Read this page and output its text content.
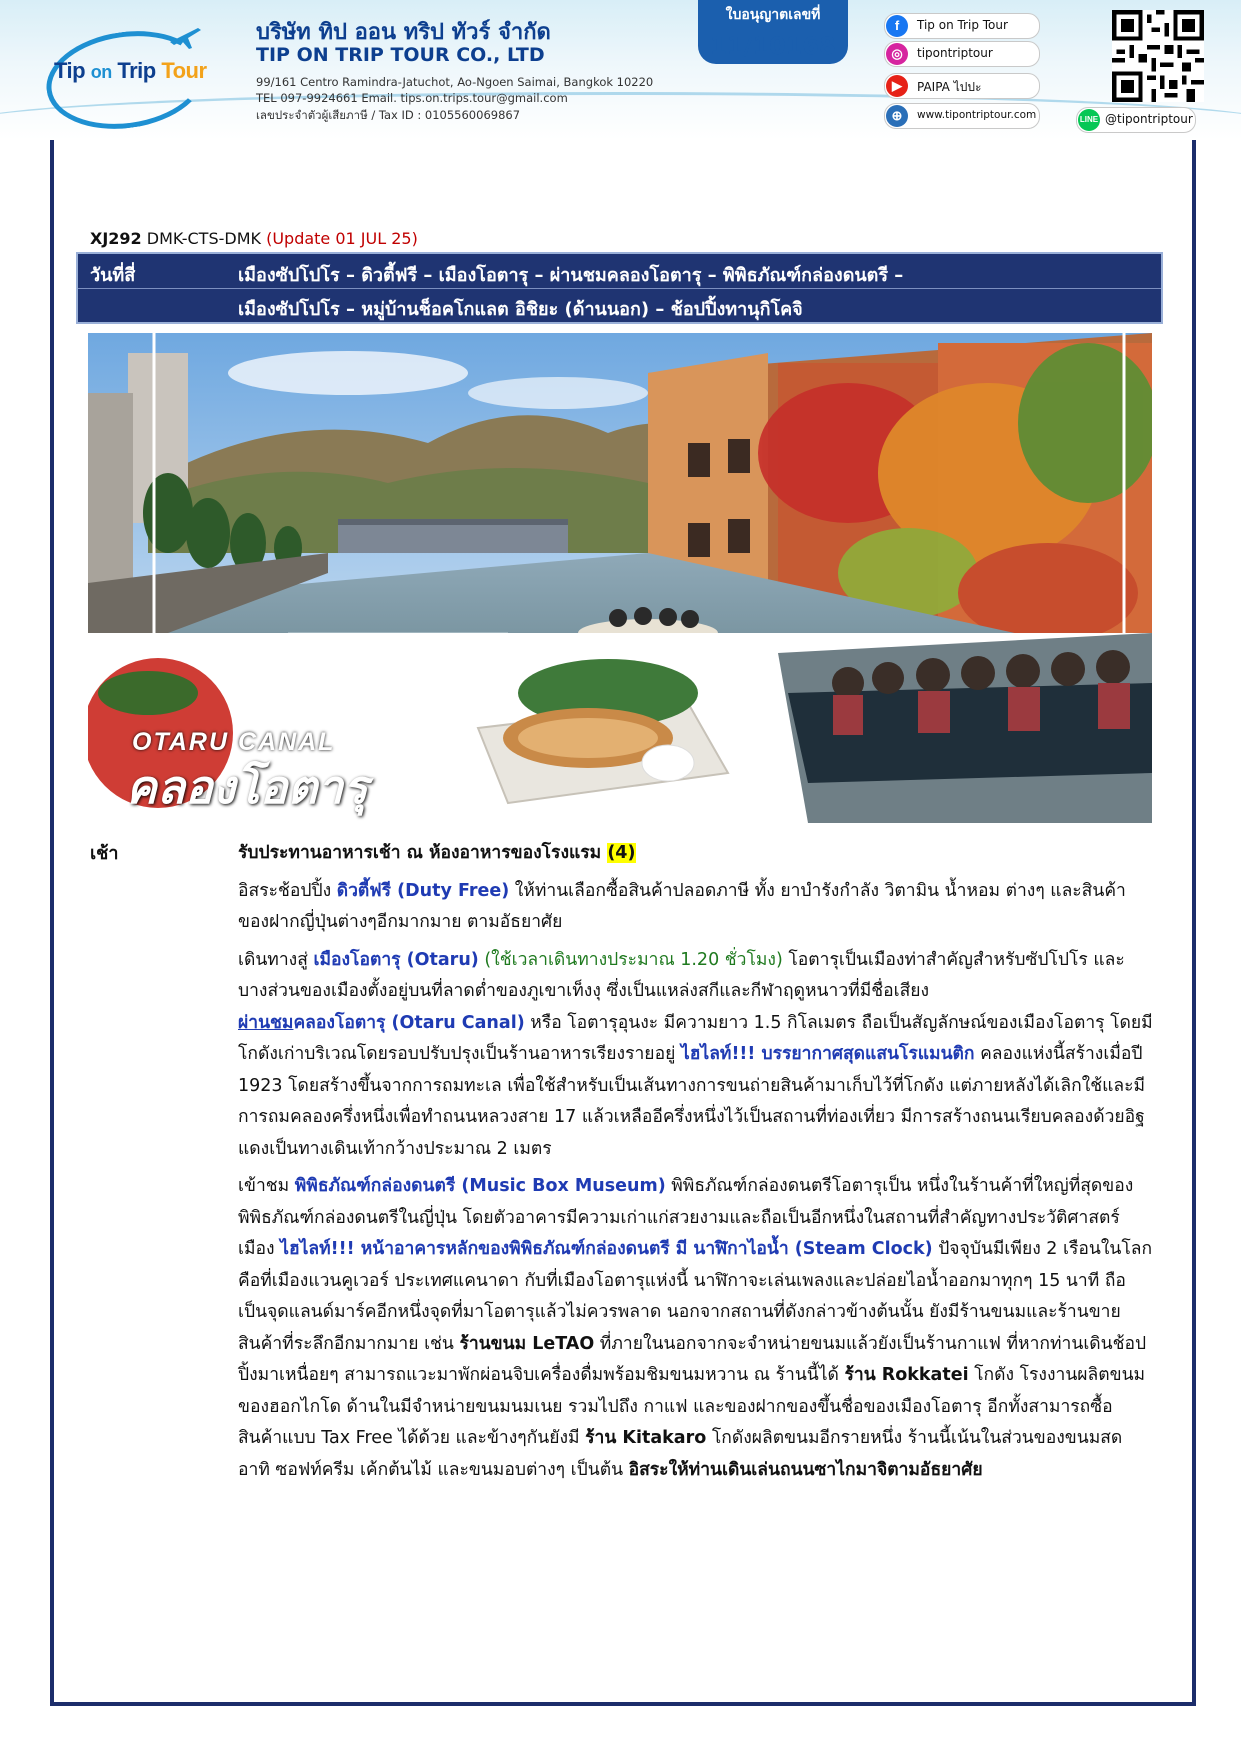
Tip on Trip Tour
บริษัท ทิป ออน ทริป ทัวร์ จำกัด
TIP ON TRIP TOUR CO., LTD
99/161 Centro Ramindra-Jatuchot, Ao-Ngoen Saimai, Bangkok 10220
TEL 097-9924661 Email. tips.on.trips.tour@gmail.com
เลขประจำตัวผู้เสียภาษี / Tax ID : 0105560069867
ใบอนุญาตเลขที่
11/10168
f	Tip on Trip Tour
◎	tipontriptour
▶	PAIPA ไปปะ
⊕	www.tipontriptour.com	LINE @tipontriptour
XJ292 DMK-CTS-DMK (Update 01 JUL 25)
วันที่สี่	เมืองซัปโปโร – ดิวตี้ฟรี – เมืองโอตารุ – ผ่านชมคลองโอตารุ – พิพิธภัณฑ์กล่องดนตรี –
เมืองซัปโปโร – หมู่บ้านช็อคโกแลต อิชิยะ (ด้านนอก) – ช้อปปิ้งทานุกิโคจิ
OTARU CANAL
คลองโอตารุ
เช้า	รับประทานอาหารเช้า ณ ห้องอาหารของโรงแรม (4)

อิสระช้อปปิ้ง ดิวตี้ฟรี (Duty Free) ให้ท่านเลือกซื้อสินค้าปลอดภาษี ทั้ง ยาบำรังกำลัง วิตามิน น้ำหอม ต่างๆ และสินค้าของฝากญี่ปุ่นต่างๆอีกมากมาย ตามอัธยาศัย

เดินทางสู่ เมืองโอตารุ (Otaru) (ใช้เวลาเดินทางประมาณ 1.20 ชั่วโมง) โอตารุเป็นเมืองท่าสำคัญสำหรับซัปโปโร และบางส่วนของเมืองตั้งอยู่บนที่ลาดต่ำของภูเขาเท็งงุ ซึ่งเป็นแหล่งสกีและกีฬาฤดูหนาวที่มีชื่อเสียง

ผ่านชมคลองโอตารุ (Otaru Canal) หรือ โอตารุอุนงะ มีความยาว 1.5 กิโลเมตร ถือเป็นสัญลักษณ์ของเมืองโอตารุ โดยมีโกดังเก่าบริเวณโดยรอบปรับปรุงเป็นร้านอาหารเรียงรายอยู่ ไฮไลท์!!! บรรยากาศสุดแสนโรแมนติก คลองแห่งนี้สร้างเมื่อปี 1923 โดยสร้างขึ้นจากการถมทะเล เพื่อใช้สำหรับเป็นเส้นทางการขนถ่ายสินค้ามาเก็บไว้ที่โกดัง แต่ภายหลังได้เลิกใช้และมีการถมคลองครึ่งหนึ่งเพื่อทำถนนหลวงสาย 17 แล้วเหลืออีครึ่งหนึ่งไว้เป็นสถานที่ท่องเที่ยว มีการสร้างถนนเรียบคลองด้วยอิฐแดงเป็นทางเดินเท้ากว้างประมาณ 2 เมตร

เข้าชม พิพิธภัณฑ์กล่องดนตรี (Music Box Museum) พิพิธภัณฑ์กล่องดนตรีโอตารุเป็น หนึ่งในร้านค้าที่ใหญ่ที่สุดของพิพิธภัณฑ์กล่องดนตรีในญี่ปุ่น โดยตัวอาคารมีความเก่าแก่สวยงามและถือเป็นอีกหนึ่งในสถานที่สำคัญทางประวัติศาสตร์เมือง ไฮไลท์!!! หน้าอาคารหลักของพิพิธภัณฑ์กล่องดนตรี มี นาฬิกาไอน้ำ (Steam Clock) ปัจจุบันมีเพียง 2 เรือนในโลกคือที่เมืองแวนคูเวอร์ ประเทศแคนาดา กับที่เมืองโอตารุแห่งนี้ นาฬิกาจะเล่นเพลงและปล่อยไอน้ำออกมาทุกๆ 15 นาที ถือเป็นจุดแลนด์มาร์คอีกหนึ่งจุดที่มาโอตารุแล้วไม่ควรพลาด นอกจากสถานที่ดังกล่าวข้างต้นนั้น ยังมีร้านขนมและร้านขายสินค้าที่ระลึกอีกมากมาย เช่น ร้านขนม LeTAO ที่ภายในนอกจากจะจำหน่ายขนมแล้วยังเป็นร้านกาแฟ ที่หากท่านเดินช้อปปิ้งมาเหนื่อยๆ สามารถแวะมาพักผ่อนจิบเครื่องดื่มพร้อมชิมขนมหวาน ณ ร้านนี้ได้ ร้าน Rokkatei โกดัง โรงงานผลิตขนมของฮอกไกโด ด้านในมีจำหน่ายขนมนมเนย รวมไปถึง กาแฟ และของฝากของขึ้นชื่อของเมืองโอตารุ อีกทั้งสามารถซื้อสินค้าแบบ Tax Free ได้ด้วย และข้างๆกันยังมี ร้าน Kitakaro โกดังผลิตขนมอีกรายหนึ่ง ร้านนี้เน้นในส่วนของขนมสด อาทิ ซอฟท์ครีม เค้กต้นไม้ และขนมอบต่างๆ เป็นต้น อิสระให้ท่านเดินเล่นถนนซาไกมาจิตามอัธยาศัย
